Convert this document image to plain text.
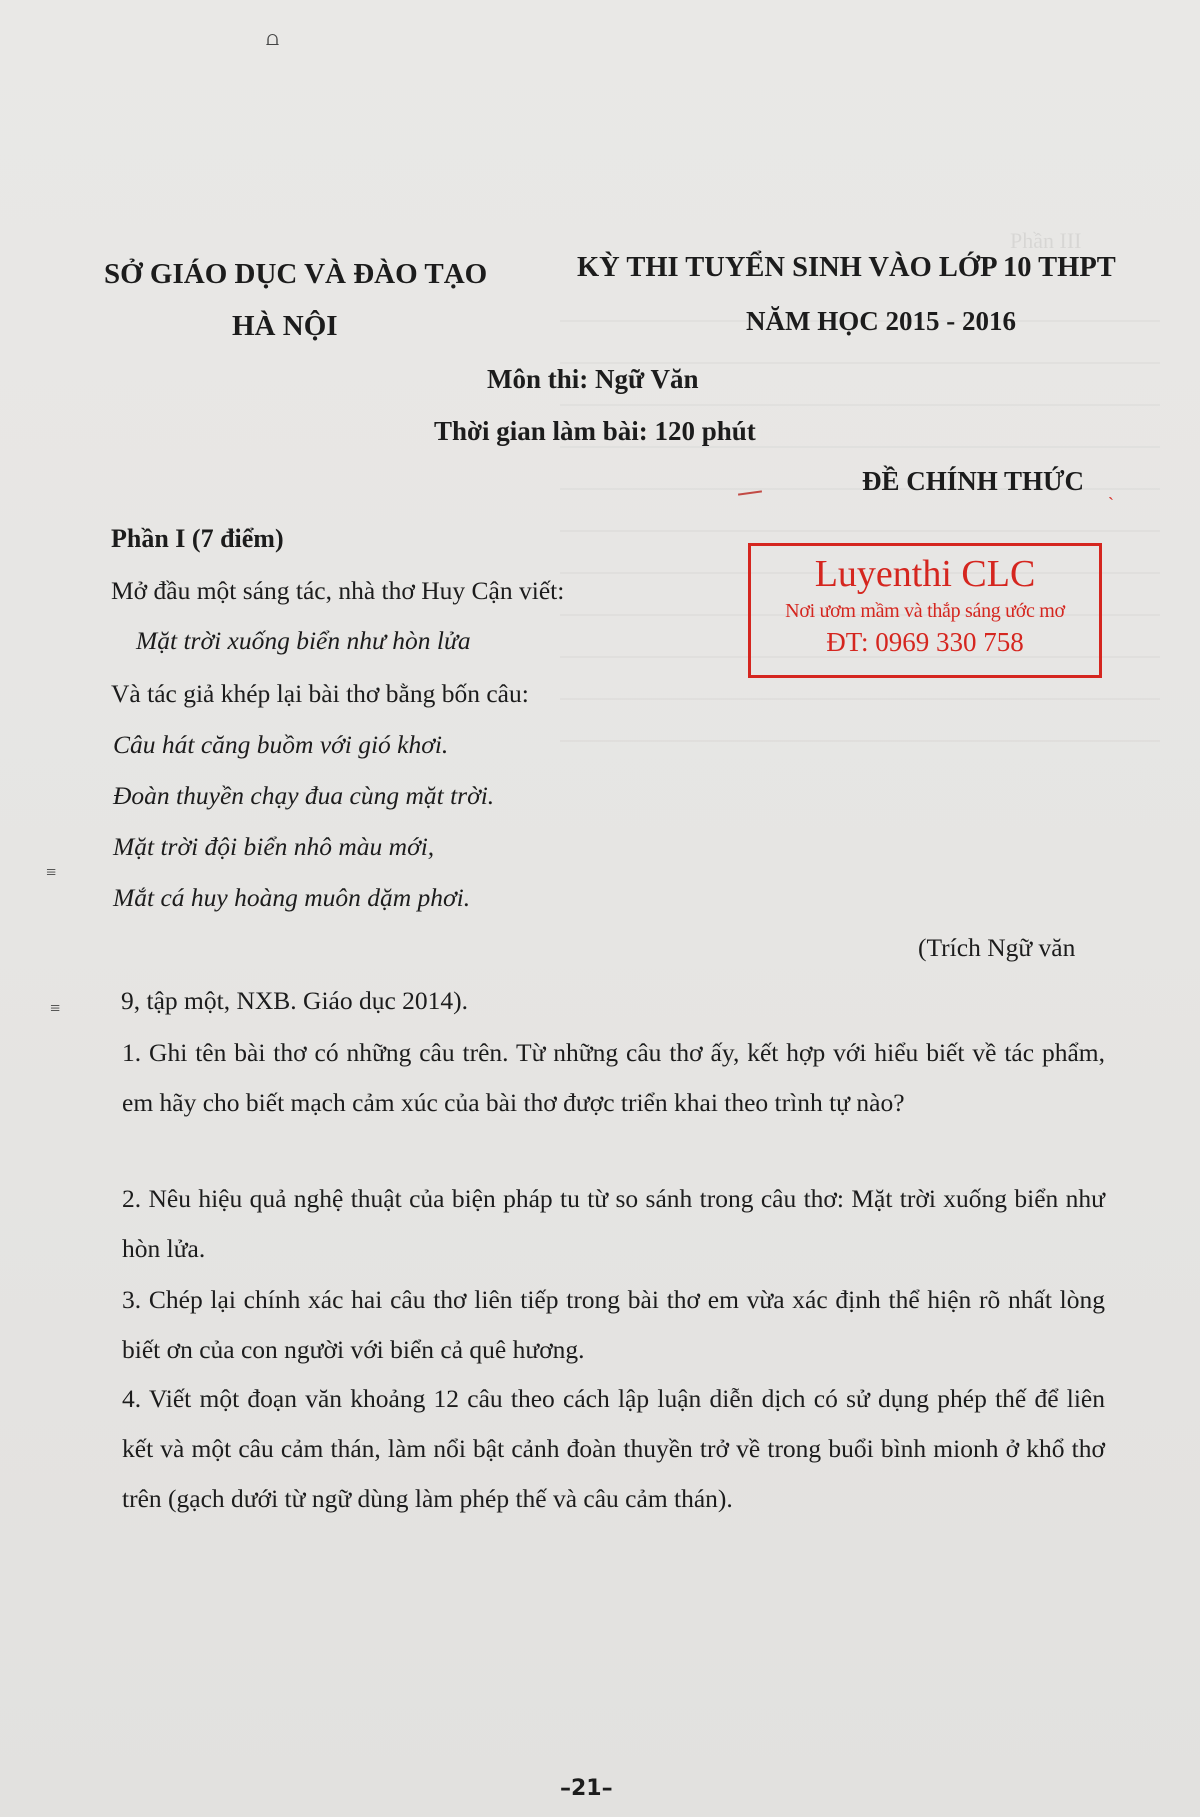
Phần III
⩍
≡
≡
SỞ GIÁO DỤC VÀ ĐÀO TẠO
HÀ NỘI
KỲ THI TUYỂN SINH VÀO LỚP 10 THPT
NĂM HỌC 2015 - 2016
Môn thi: Ngữ Văn
Thời gian làm bài: 120 phút
ĐỀ CHÍNH THỨC ˎ
Luyenthi CLC
Nơi ươm mầm và thắp sáng ước mơ
ĐT: 0969 330 758
Phần I (7 điểm)
Mở đầu một sáng tác, nhà thơ Huy Cận viết:
Mặt trời xuống biển như hòn lửa
Và tác giả khép lại bài thơ bằng bốn câu:
Câu hát căng buồm với gió khơi.
Đoàn thuyền chạy đua cùng mặt trời.
Mặt trời đội biển nhô màu mới,
Mắt cá huy hoàng muôn dặm phơi.
(Trích Ngữ văn
9, tập một, NXB. Giáo dục 2014).
1. Ghi tên bài thơ có những câu trên. Từ những câu thơ ấy, kết hợp với hiểu biết về tác phẩm, em hãy cho biết mạch cảm xúc của bài thơ được triển khai theo trình tự nào?
2. Nêu hiệu quả nghệ thuật của biện pháp tu từ so sánh trong câu thơ: Mặt trời xuống biển như hòn lửa.
3. Chép lại chính xác hai câu thơ liên tiếp trong bài thơ em vừa xác định thể hiện rõ nhất lòng biết ơn của con người với biển cả quê hương.
4. Viết một đoạn văn khoảng 12 câu theo cách lập luận diễn dịch có sử dụng phép thế để liên kết và một câu cảm thán, làm nổi bật cảnh đoàn thuyền trở về trong buổi bình mionh ở khổ thơ trên (gạch dưới từ ngữ dùng làm phép thế và câu cảm thán).
–21–
